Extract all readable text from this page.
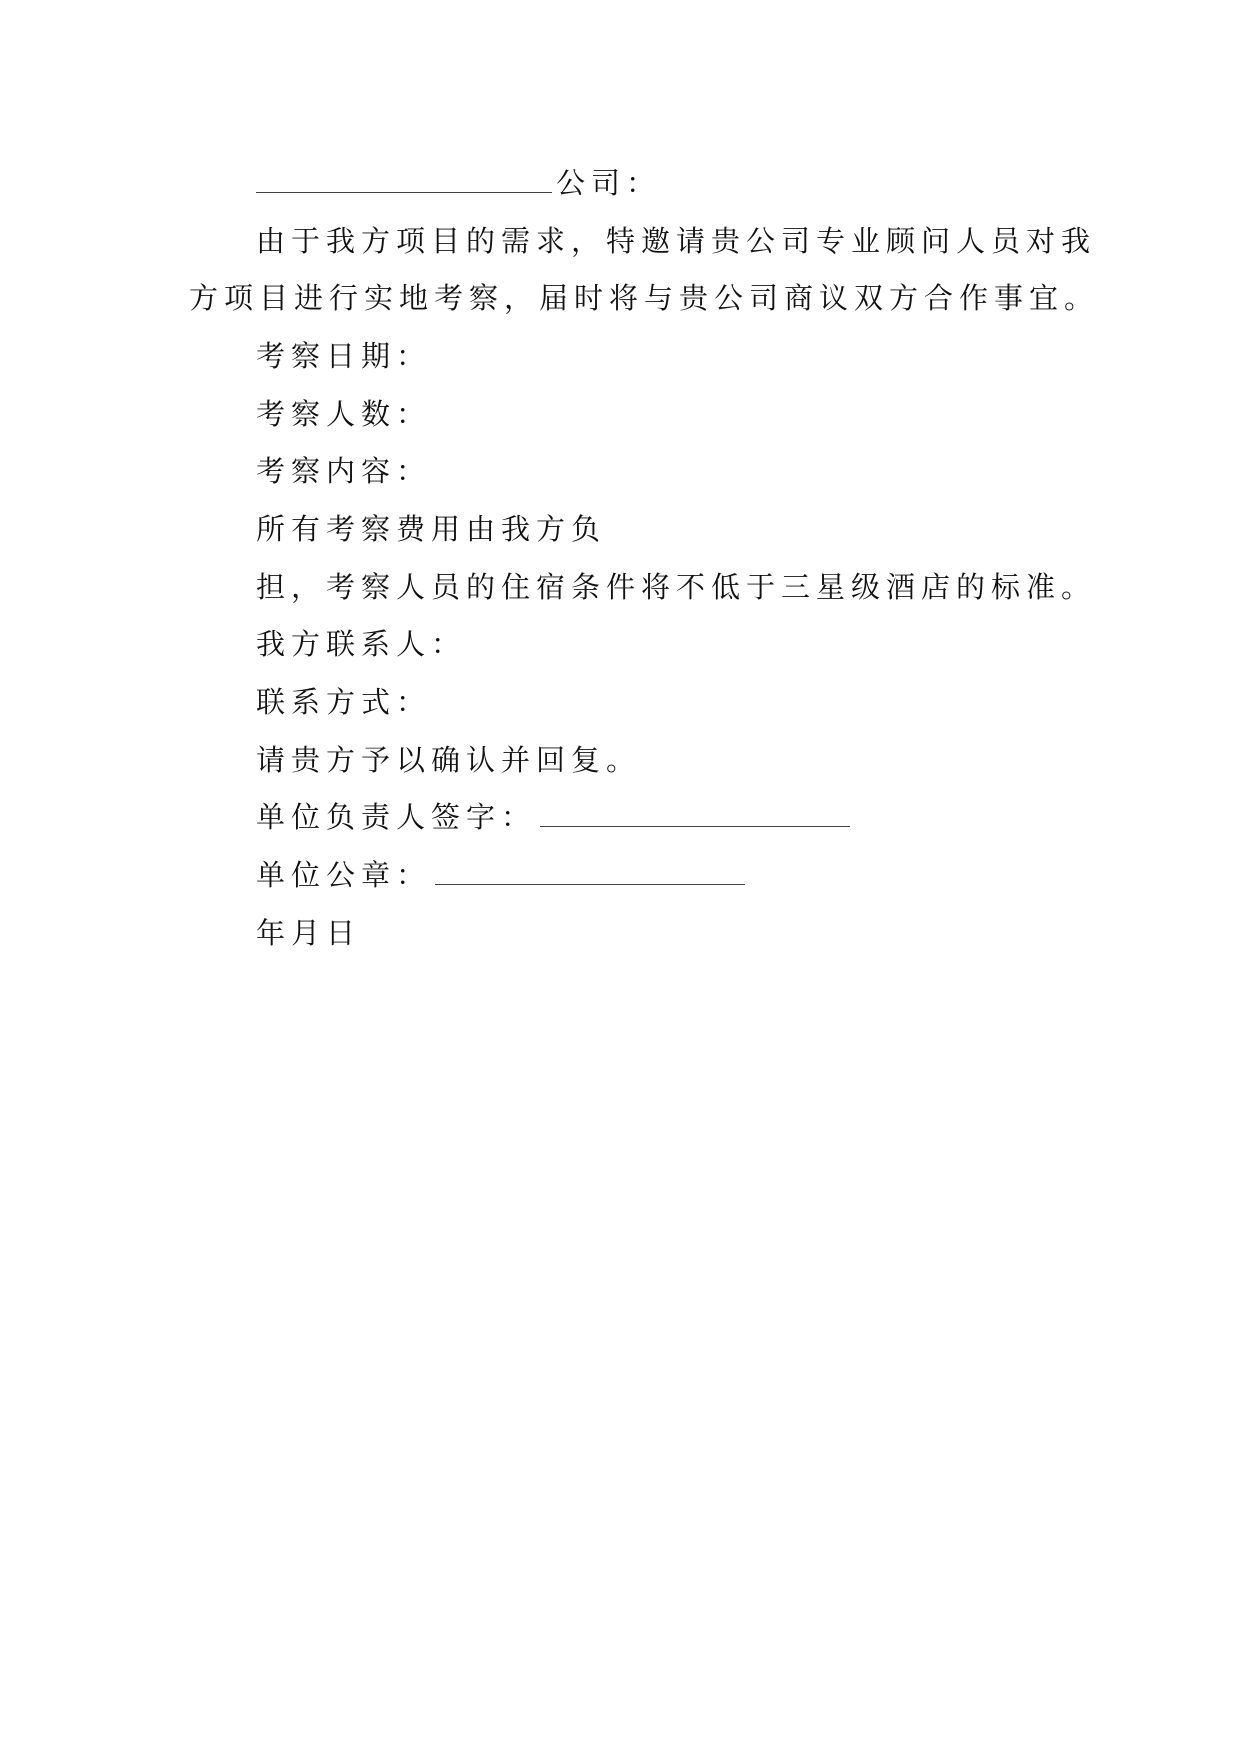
公司：
由于我方项目的需求，特邀请贵公司专业顾问人员对我
方项目进行实地考察，届时将与贵公司商议双方合作事宜。
考察日期：
考察人数：
考察内容：
所有考察费用由我方负
担，考察人员的住宿条件将不低于三星级酒店的标准。
我方联系人：
联系方式：
请贵方予以确认并回复。
单位负责人签字：
单位公章：
年月日
